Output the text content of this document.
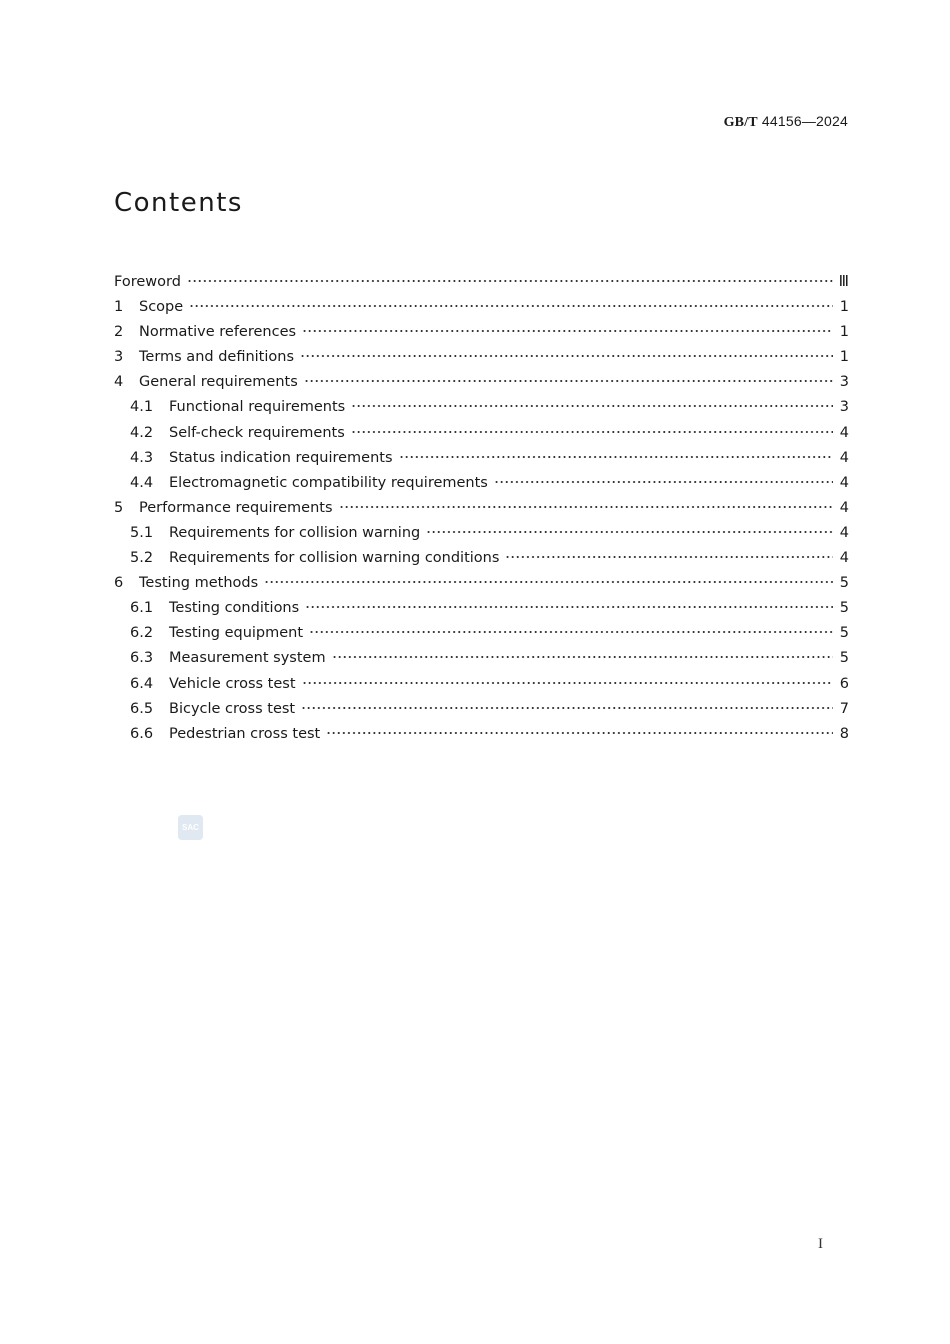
GB/T 44156—2024
Contents
Foreword	Ⅲ
1	Scope	1
2	Normative references	1
3	Terms and definitions	1
4	General requirements	3
4.1	Functional requirements	3
4.2	Self-check requirements	4
4.3	Status indication requirements	4
4.4	Electromagnetic compatibility requirements	4
5	Performance requirements	4
5.1	Requirements for collision warning	4
5.2	Requirements for collision warning conditions	4
6	Testing methods	5
6.1	Testing conditions	5
6.2	Testing equipment	5
6.3	Measurement system	5
6.4	Vehicle cross test	6
6.5	Bicycle cross test	7
6.6	Pedestrian cross test	8
SAC
I
